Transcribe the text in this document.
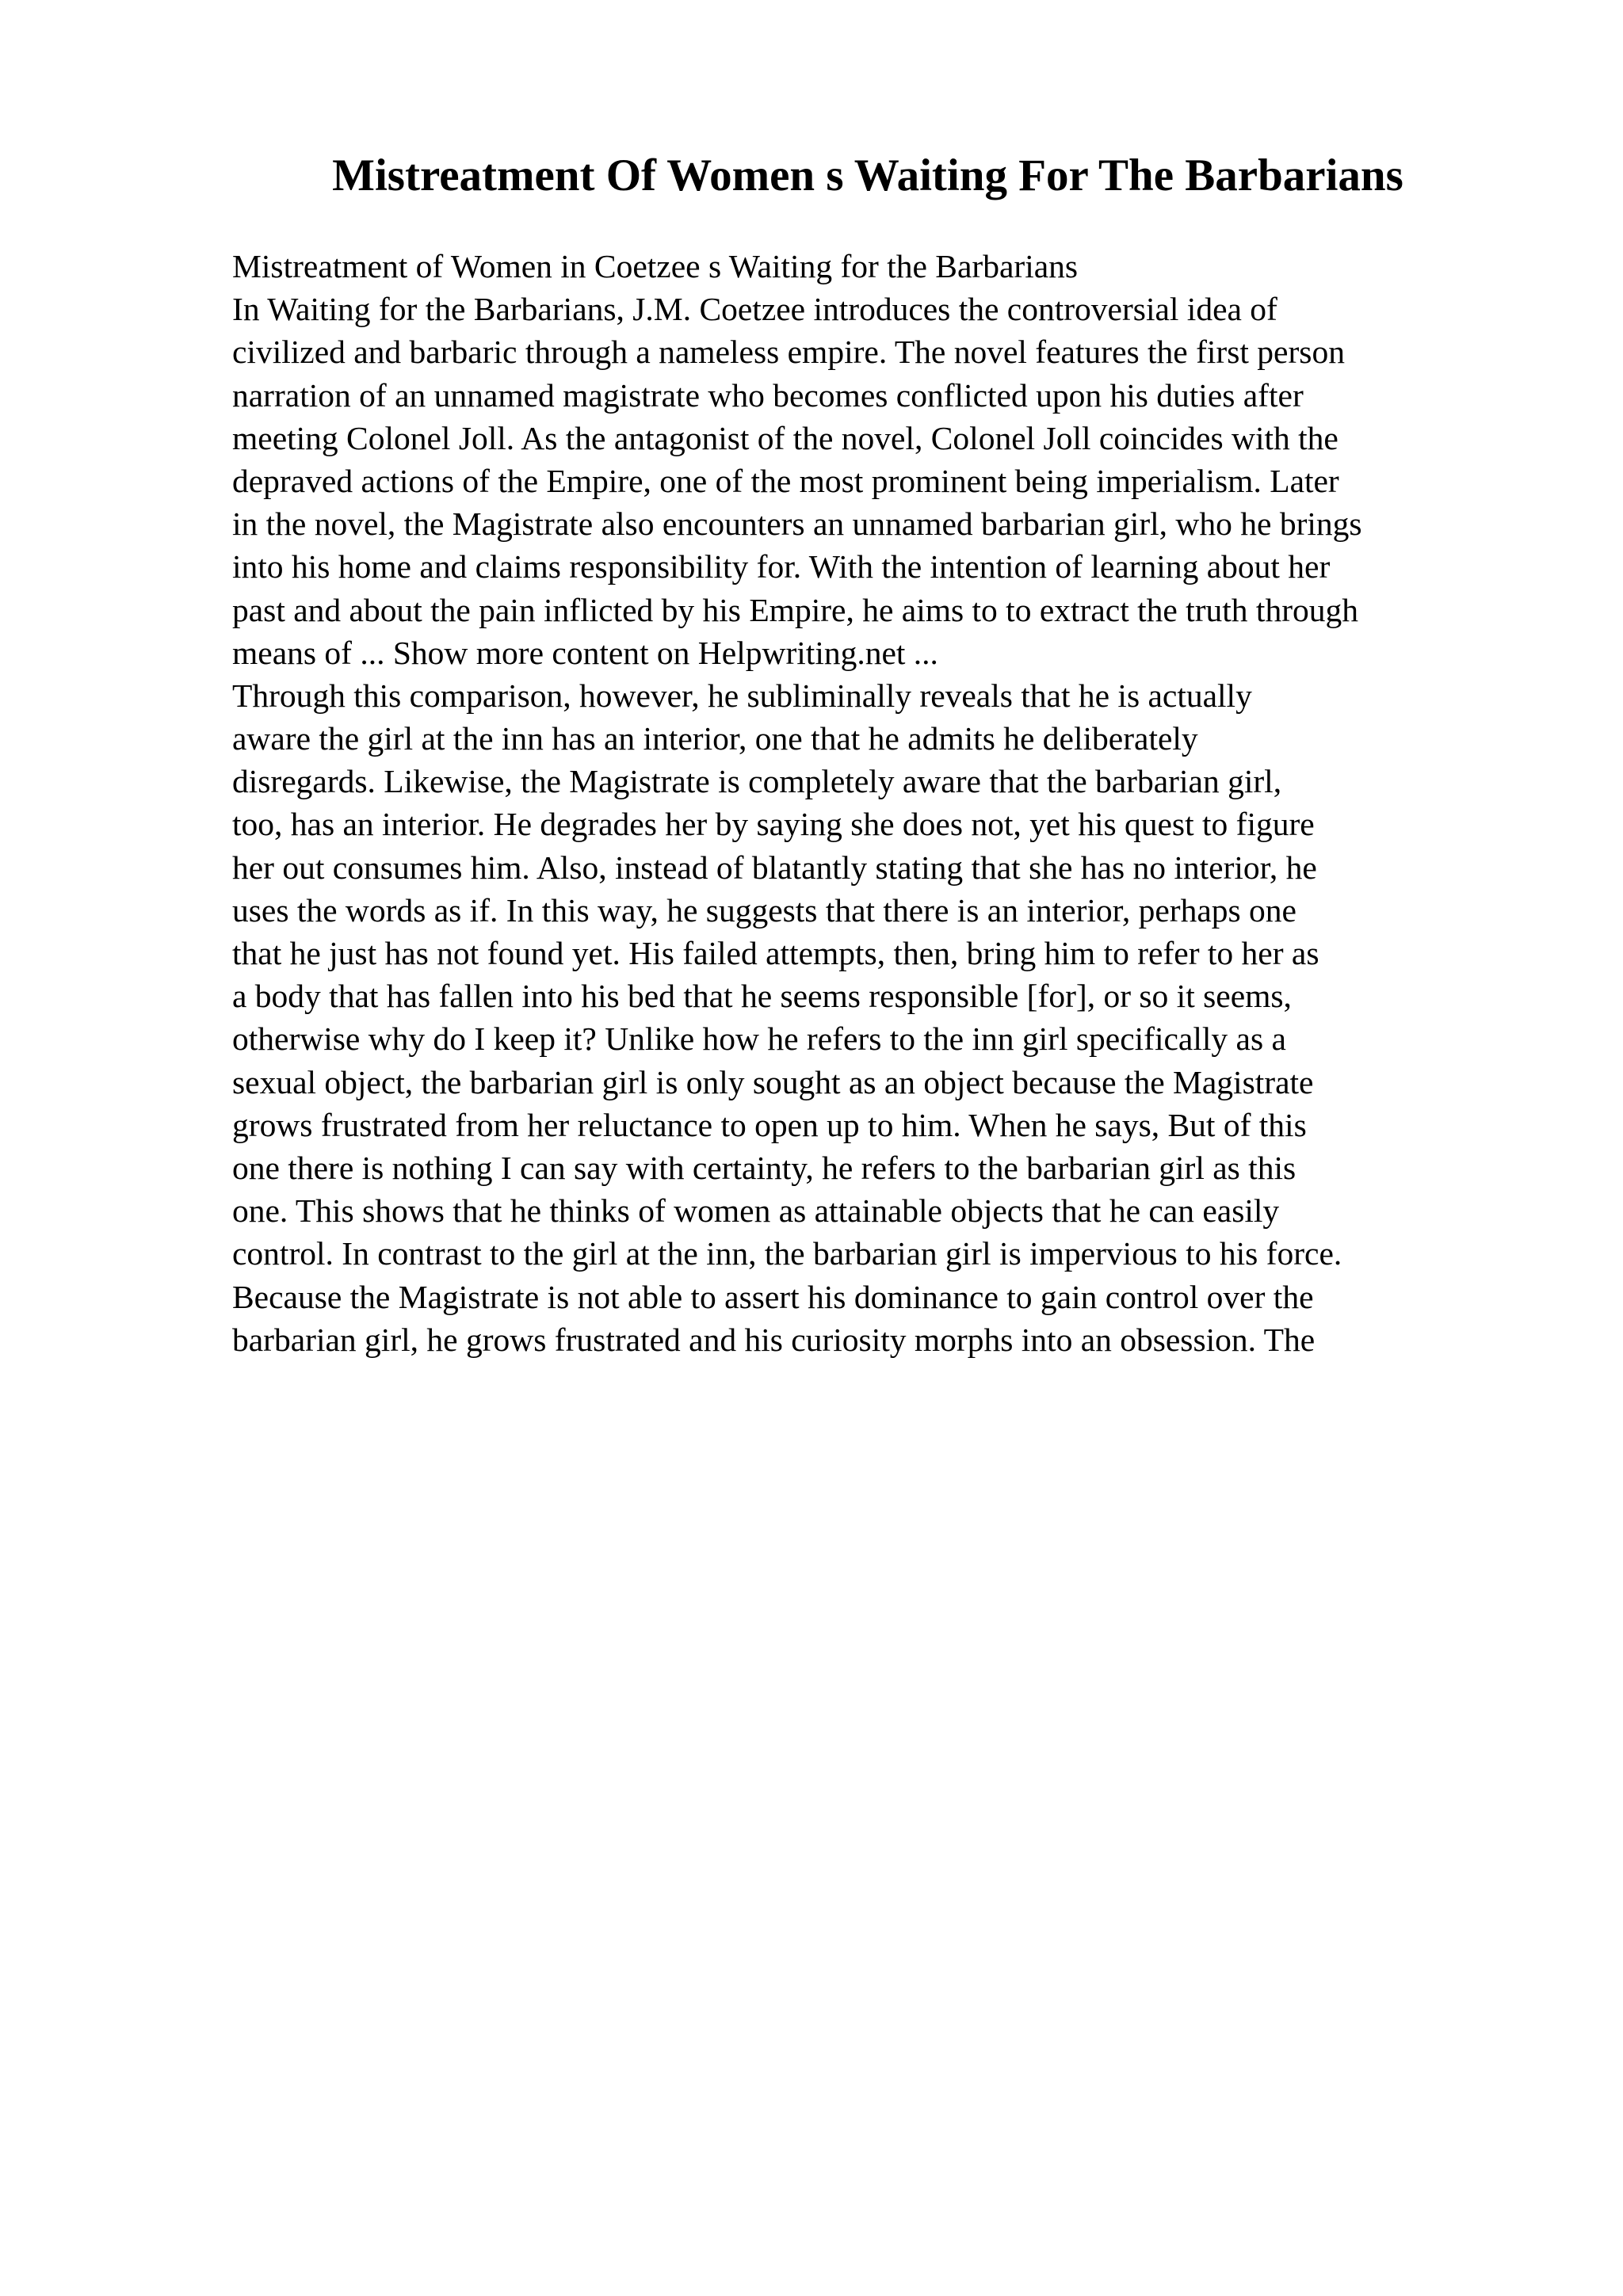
Mistreatment Of Women s Waiting For The Barbarians
Mistreatment of Women in Coetzee s Waiting for the Barbarians
In Waiting for the Barbarians, J.M. Coetzee introduces the controversial idea of
civilized and barbaric through a nameless empire. The novel features the first person
narration of an unnamed magistrate who becomes conflicted upon his duties after
meeting Colonel Joll. As the antagonist of the novel, Colonel Joll coincides with the
depraved actions of the Empire, one of the most prominent being imperialism. Later
in the novel, the Magistrate also encounters an unnamed barbarian girl, who he brings
into his home and claims responsibility for. With the intention of learning about her
past and about the pain inflicted by his Empire, he aims to to extract the truth through
means of ... Show more content on Helpwriting.net ...
Through this comparison, however, he subliminally reveals that he is actually
aware the girl at the inn has an interior, one that he admits he deliberately
disregards. Likewise, the Magistrate is completely aware that the barbarian girl,
too, has an interior. He degrades her by saying she does not, yet his quest to figure
her out consumes him. Also, instead of blatantly stating that she has no interior, he
uses the words as if. In this way, he suggests that there is an interior, perhaps one
that he just has not found yet. His failed attempts, then, bring him to refer to her as
a body that has fallen into his bed that he seems responsible [for], or so it seems,
otherwise why do I keep it? Unlike how he refers to the inn girl specifically as a
sexual object, the barbarian girl is only sought as an object because the Magistrate
grows frustrated from her reluctance to open up to him. When he says, But of this
one there is nothing I can say with certainty, he refers to the barbarian girl as this
one. This shows that he thinks of women as attainable objects that he can easily
control. In contrast to the girl at the inn, the barbarian girl is impervious to his force.
Because the Magistrate is not able to assert his dominance to gain control over the
barbarian girl, he grows frustrated and his curiosity morphs into an obsession. The
